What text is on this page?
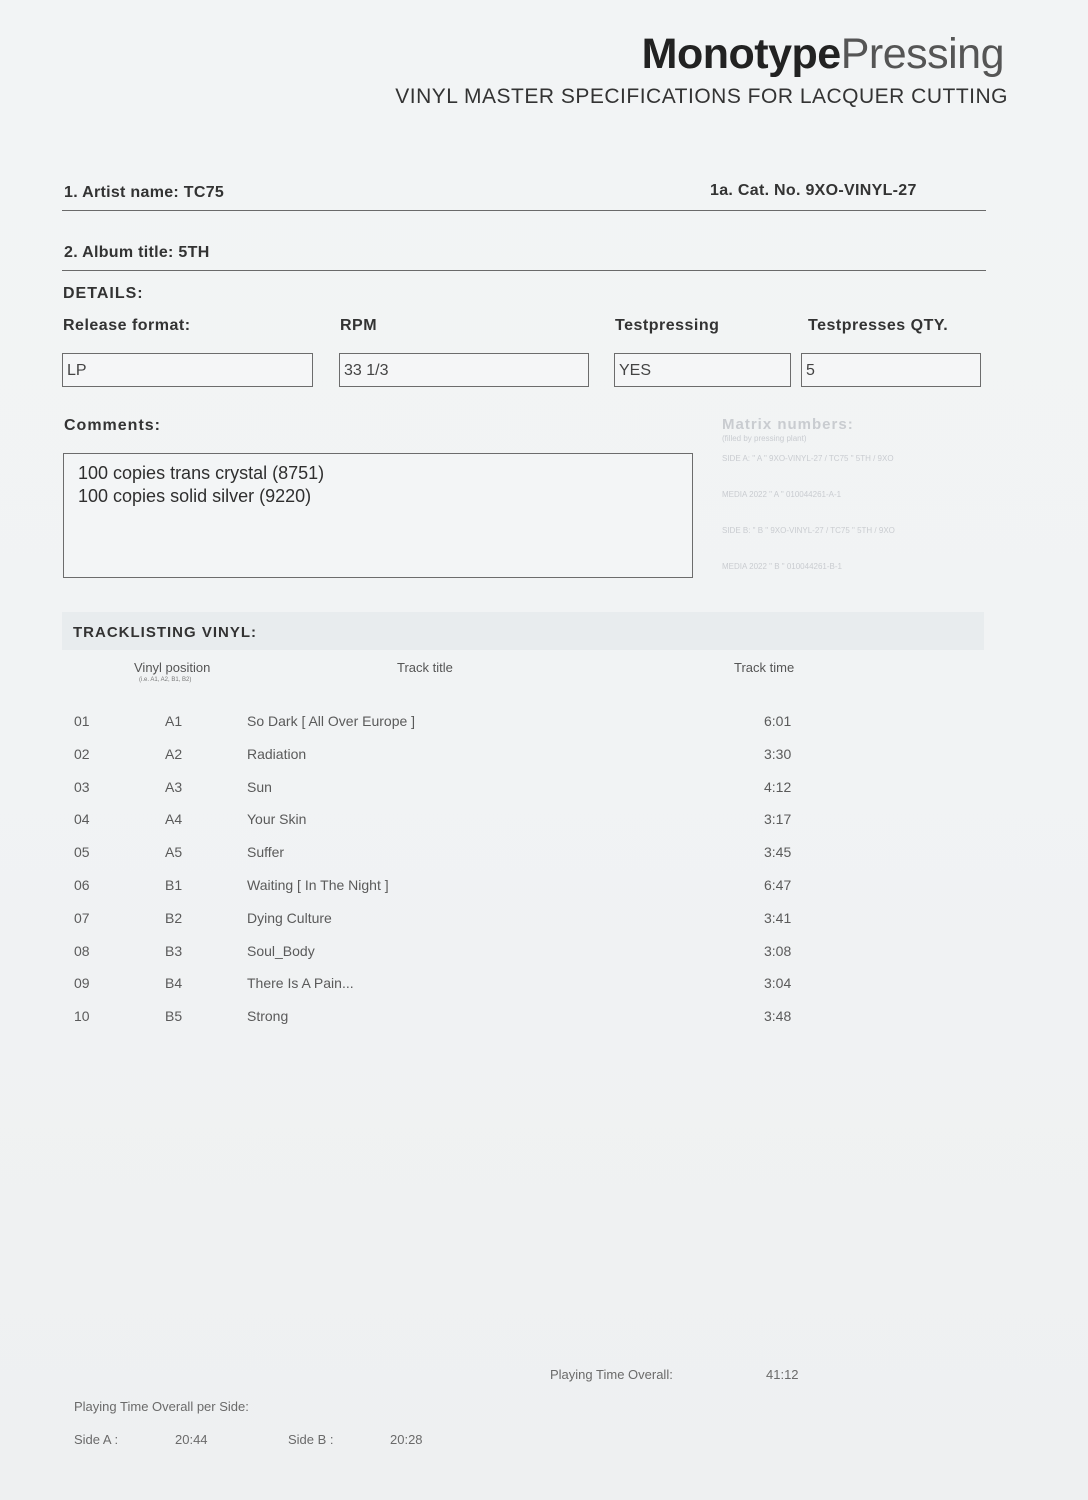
MonotypePressing
VINYL MASTER SPECIFICATIONS FOR LACQUER CUTTING
1. Artist name: TC75	1a. Cat. No. 9XO-VINYL-27
2. Album title: 5TH
DETAILS:
Release format:	RPM	Testpressing	Testpresses QTY.
LP	33 1/3	YES	5
Comments:
100 copies trans crystal (8751)
100 copies solid silver (9220)
Matrix numbers:
(filled by pressing plant)
SIDE A: " A " 9XO-VINYL-27 / TC75 " 5TH / 9XO
MEDIA 2022 " A " 010044261-A-1
SIDE B: " B " 9XO-VINYL-27 / TC75 " 5TH / 9XO
MEDIA 2022 " B " 010044261-B-1
TRACKLISTING VINYL:
Vinyl position
(i.e. A1, A2, B1, B2)
Track title	Track time
01	A1	So Dark [ All Over Europe ]	6:01
02	A2	Radiation	3:30
03	A3	Sun	4:12
04	A4	Your Skin	3:17
05	A5	Suffer	3:45
06	B1	Waiting [ In The Night ]	6:47
07	B2	Dying Culture	3:41
08	B3	Soul_Body	3:08
09	B4	There Is A Pain...	3:04
10	B5	Strong	3:48
Playing Time Overall:	41:12
Playing Time Overall per Side:
Side A :	20:44	Side B :	20:28
